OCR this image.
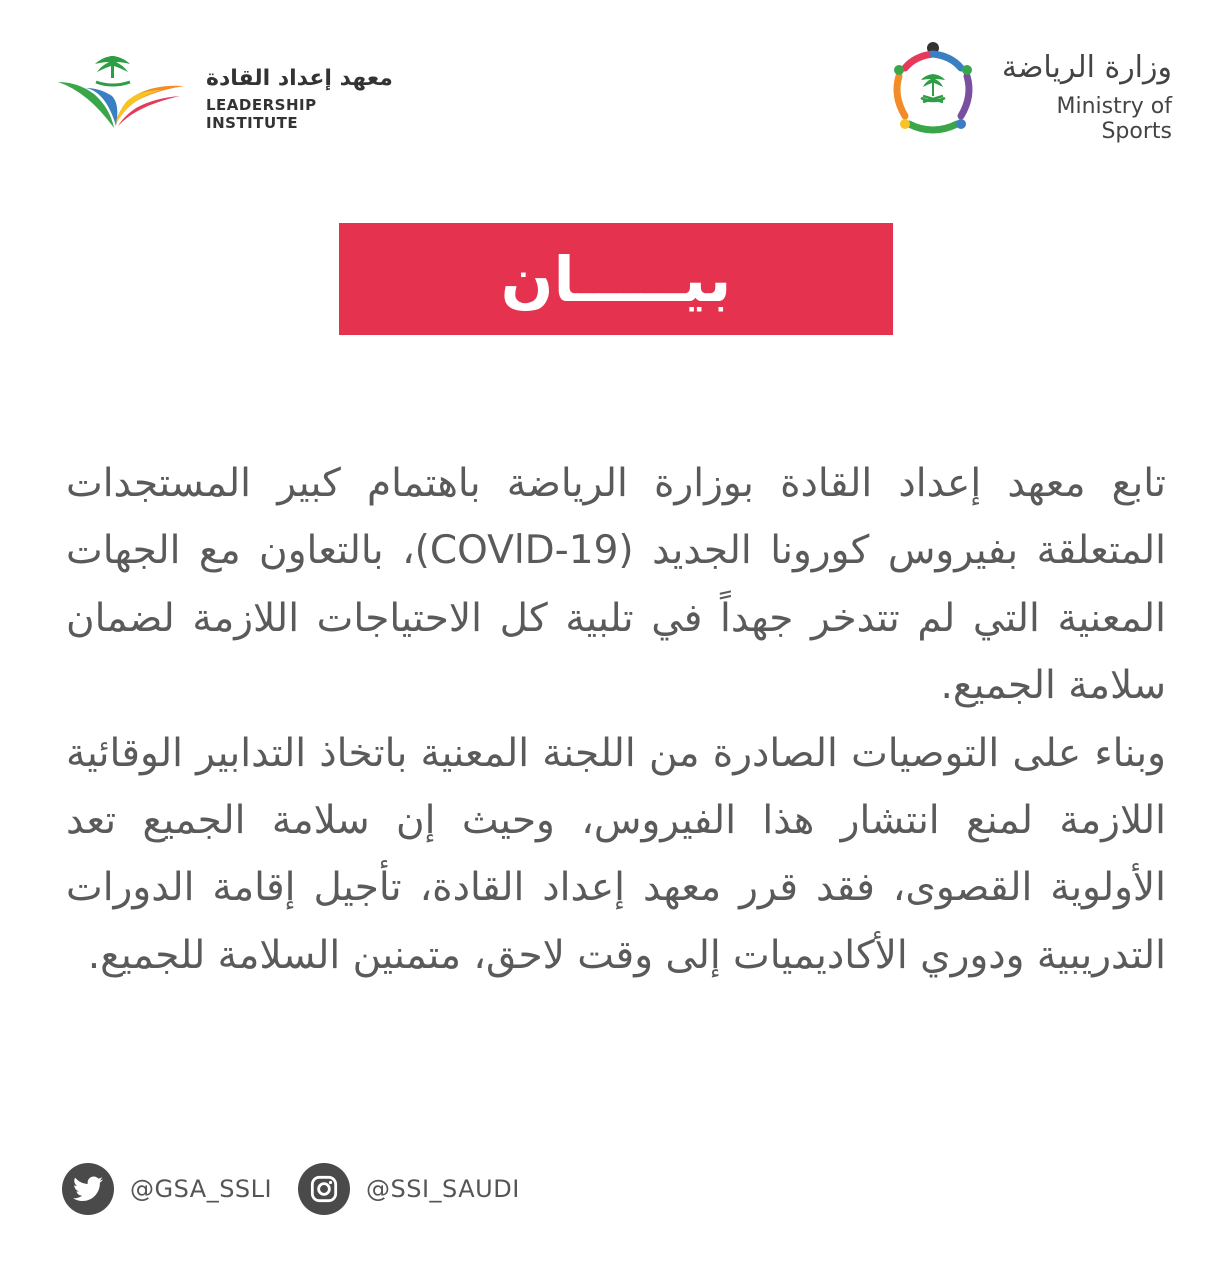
معهد إعداد القادة
LEADERSHIP INSTITUTE
وزارة الرياضة
Ministry of Sports
بيـــــان

تابع معهد إعداد القادة بوزارة الرياضة باهتمام كبير المستجدات المتعلقة بفيروس كورونا الجديد (COVlD-19)، بالتعاون مع الجهات المعنية التي لم تتدخر جهداً في تلبية كل الاحتياجات اللازمة لضمان سلامة الجميع.

وبناء على التوصيات الصادرة من اللجنة المعنية باتخاذ التدابير الوقائية اللازمة لمنع انتشار هذا الفيروس، وحيث إن سلامة الجميع تعد الأولوية القصوى، فقد قرر معهد إعداد القادة، تأجيل إقامة الدورات التدريبية ودوري الأكاديميات إلى وقت لاحق، متمنين السلامة للجميع.

@GSA_SSLI	@SSI_SAUDI
